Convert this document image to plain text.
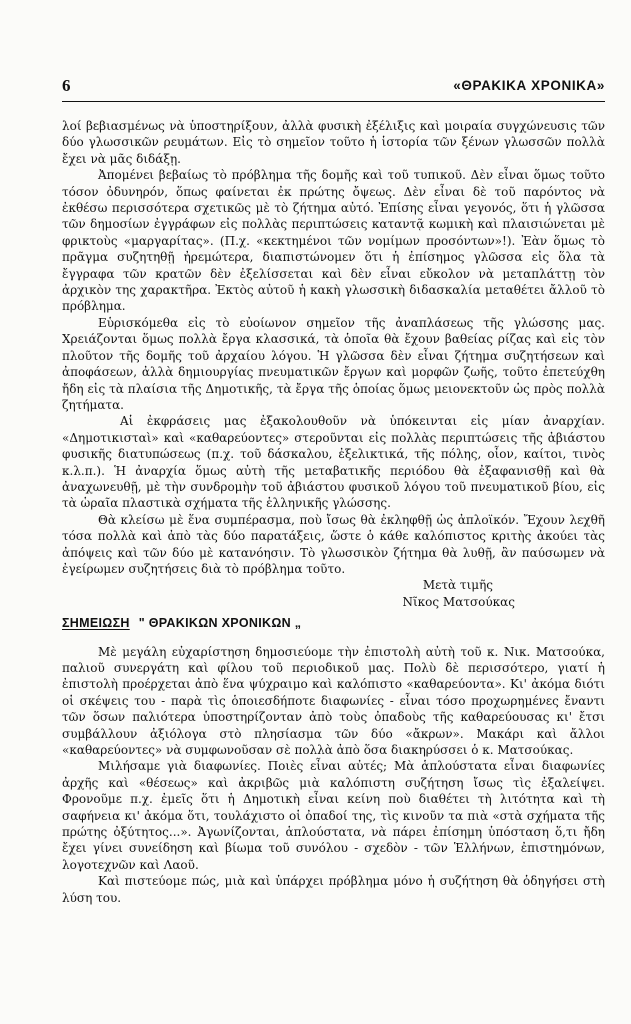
6	«ΘΡΑΚΙΚΑ ΧΡΟΝΙΚΑ»

λοί βεβιασμένως νὰ ὑποστηρίξουν, ἀλλὰ φυσικὴ ἐξέλιξις καὶ μοιραία συγχώνευσις τῶν δύο γλωσσικῶν ρευμάτων. Εἰς τὸ σημεῖον τοῦτο ἡ ἱστορία τῶν ξένων γλωσσῶν πολλὰ ἔχει νὰ μᾶς διδάξῃ.

Ἀπομένει βεβαίως τὸ πρόβλημα τῆς δομῆς καὶ τοῦ τυπικοῦ. Δὲν εἶναι ὅμως τοῦτο τόσον ὀδυνηρόν, ὅπως φαίνεται ἐκ πρώτης ὄψεως. Δὲν εἶναι δὲ τοῦ παρόντος νὰ ἐκθέσω περισσότερα σχετικῶς μὲ τὸ ζήτημα αὐτό. Ἐπίσης εἶναι γεγονός, ὅτι ἡ γλῶσσα τῶν δημοσίων ἐγγράφων εἰς πολλὰς περιπτώσεις καταντᾷ κωμικὴ καὶ πλαισιώνεται μὲ φρικτοὺς «μαργαρίτας». (Π.χ. «κεκτημένοι τῶν νομίμων προσόντων»!). Ἐὰν ὅμως τὸ πρᾶγμα συζητηθῇ ἠρεμώτερα, διαπιστώνομεν ὅτι ἡ ἐπίσημος γλῶσσα εἰς ὅλα τὰ ἔγγραφα τῶν κρατῶν δὲν ἐξελίσσεται καὶ δὲν εἶναι εὔκολον νὰ μεταπλάττῃ τὸν ἀρχικὸν της χαρακτῆρα. Ἐκτὸς αὐτοῦ ἡ κακὴ γλωσσικὴ διδασκαλία μεταθέτει ἄλλοῦ τὸ πρόβλημα.

Εὑρισκόμεθα εἰς τὸ εὐοίωνον σημεῖον τῆς ἀναπλάσεως τῆς γλώσσης μας. Χρειάζονται ὅμως πολλὰ ἔργα κλασσικά, τὰ ὁποῖα θὰ ἔχουν βαθείας ρίζας καὶ εἰς τὸν πλοῦτον τῆς δομῆς τοῦ ἀρχαίου λόγου. Ἡ γλῶσσα δὲν εἶναι ζήτημα συζητήσεων καὶ ἀποφάσεων, ἀλλὰ δημιουργίας πνευματικῶν ἔργων καὶ μορφῶν ζωῆς, τοῦτο ἐπετεύχθη ἤδη εἰς τὰ πλαίσια τῆς Δημοτικῆς, τὰ ἔργα τῆς ὁποίας ὅμως μειονεκτοῦν ὡς πρὸς πολλὰ ζητήματα.

Αἱ ἐκφράσεις μας ἐξακολουθοῦν νὰ ὑπόκεινται εἰς μίαν ἀναρχίαν. «Δημοτικισταὶ» καὶ «καθαρεύοντες» στεροῦνται εἰς πολλὰς περιπτώσεις τῆς ἀβιάστου φυσικῆς διατυπώσεως (π.χ. τοῦ δάσκαλου, ἐξελικτικά, τῆς πόλης, οἶον, καίτοι, τινὸς κ.λ.π.). Ἡ ἀναρχία ὅμως αὐτὴ τῆς μεταβατικῆς περιόδου θὰ ἐξαφανισθῇ καὶ θὰ ἀναχωνευθῇ, μὲ τὴν συνδρομὴν τοῦ ἀβιάστου φυσικοῦ λόγου τοῦ πνευματικοῦ βίου, εἰς τὰ ὡραῖα πλαστικὰ σχήματα τῆς ἑλληνικῆς γλώσσης.

Θὰ κλείσω μὲ ἕνα συμπέρασμα, ποὺ ἴσως θὰ ἐκληφθῇ ὡς ἀπλοϊκόν. Ἔχουν λεχθῆ τόσα πολλὰ καὶ ἀπὸ τὰς δύο παρατάξεις, ὥστε ὁ κάθε καλόπιστος κριτὴς ἀκούει τὰς ἀπόψεις καὶ τῶν δύο μὲ κατανόησιν. Τὸ γλωσσικὸν ζήτημα θὰ λυθῇ, ἂν παύσωμεν νὰ ἐγείρωμεν συζητήσεις διὰ τὸ πρόβλημα τοῦτο.

Μετὰ τιμῆς

Νῖκος Ματσούκας

ΣΗΜΕΙΩΣΗ " ΘΡΑΚΙΚΩΝ ΧΡΟΝΙΚΩΝ „

Μὲ μεγάλη εὐχαρίστηση δημοσιεύομε τὴν ἐπιστολὴ αὐτὴ τοῦ κ. Νικ. Ματσούκα, παλιοῦ συνεργάτη καὶ φίλου τοῦ περιοδικοῦ μας. Πολὺ δὲ περισσότερο, γιατί ἡ ἐπιστολὴ προέρχεται ἀπὸ ἕνα ψύχραιμο καὶ καλόπιστο «καθαρεύοντα». Κι' ἀκόμα διότι οἱ σκέψεις του - παρὰ τὶς ὁποιεσδήποτε διαφωνίες - εἶναι τόσο προχωρημένες ἔναντι τῶν ὅσων παλιότερα ὑποστηρίζονταν ἀπὸ τοὺς ὀπαδοὺς τῆς καθαρεύουσας κι' ἔτσι συμβάλλουν ἀξιόλογα στὸ πλησίασμα τῶν δύο «ἄκρων». Μακάρι καὶ ἄλλοι «καθαρεύοντες» νὰ συμφωνοῦσαν σὲ πολλὰ ἀπὸ ὅσα διακηρύσσει ὁ κ. Ματσούκας.

Μιλήσαμε γιὰ διαφωνίες. Ποιὲς εἶναι αὐτές; Μὰ ἁπλούστατα εἶναι διαφωνίες ἀρχῆς καὶ «θέσεως» καὶ ἀκριβῶς μιὰ καλόπιστη συζήτηση ἴσως τὶς ἐξαλείψει. Φρονοῦμε π.χ. ἐμεῖς ὅτι ἡ Δημοτικὴ εἶναι κείνη ποὺ διαθέτει τὴ λιτότητα καὶ τὴ σαφήνεια κι' ἀκόμα ὅτι, τουλάχιστο οἱ ὀπαδοί της, τὶς κινοῦν τα πιὰ «στὰ σχήματα τῆς πρώτης ὀξύτητος...». Ἀγωνίζονται, ἁπλούστατα, νὰ πάρει ἐπίσημη ὑπόσταση ὅ,τι ἤδη ἔχει γίνει συνείδηση καὶ βίωμα τοῦ συνόλου - σχεδὸν - τῶν Ἑλλήνων, ἐπιστημόνων, λογοτεχνῶν καὶ Λαοῦ.

Καὶ πιστεύομε πώς, μιὰ καὶ ὑπάρχει πρόβλημα μόνο ἡ συζήτηση θὰ ὁδηγήσει στὴ λύση του.
